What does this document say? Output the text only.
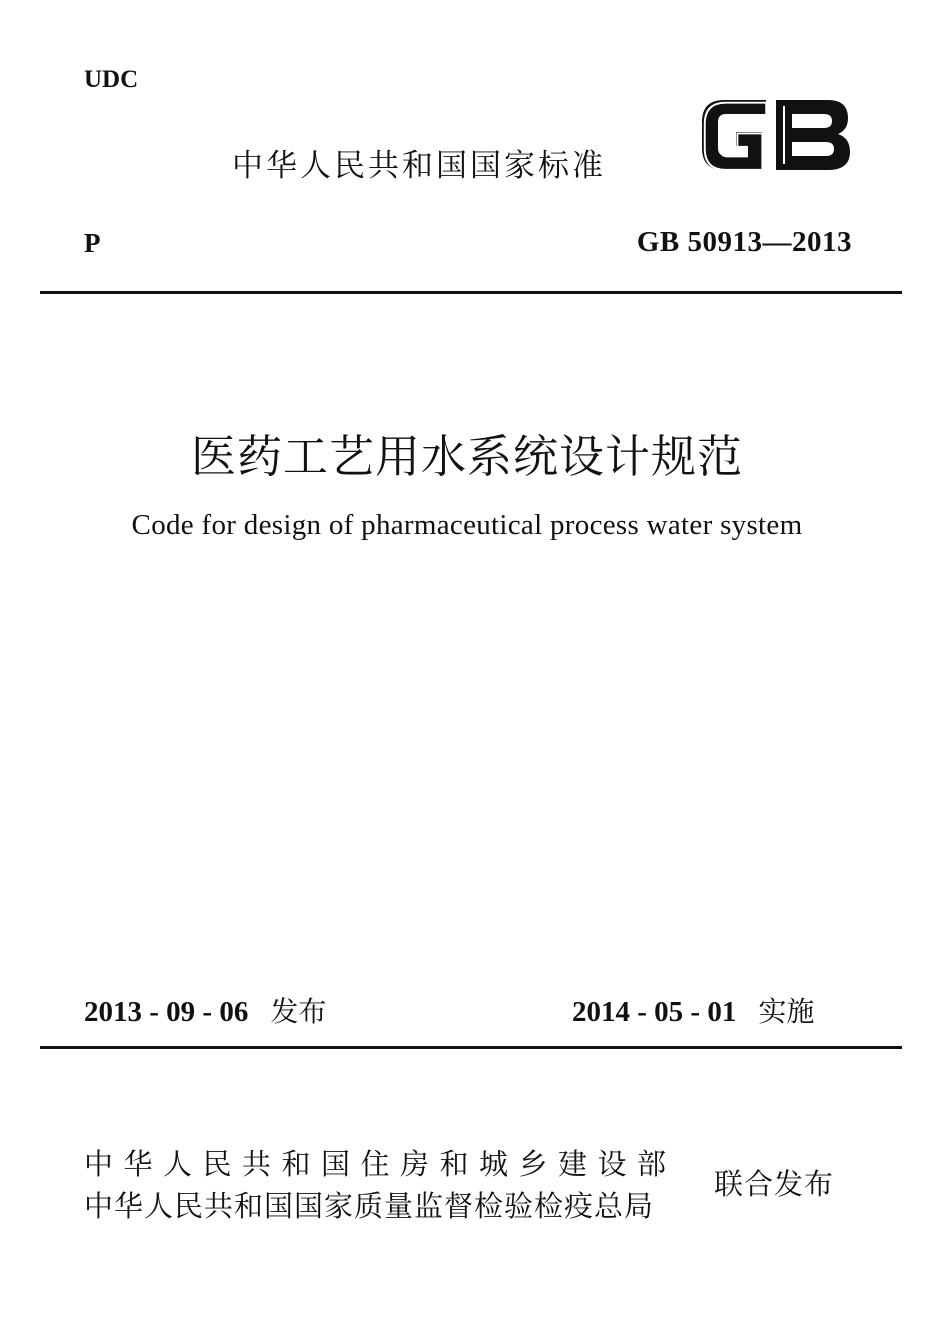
UDC
中华人民共和国国家标准
P	GB 50913—2013
医药工艺用水系统设计规范
Code for design of pharmaceutical process water system
2013 - 09 - 06 发布	2014 - 05 - 01 实施
中华人民共和国住房和城乡建设部
中华人民共和国国家质量监督检验检疫总局
联合发布
